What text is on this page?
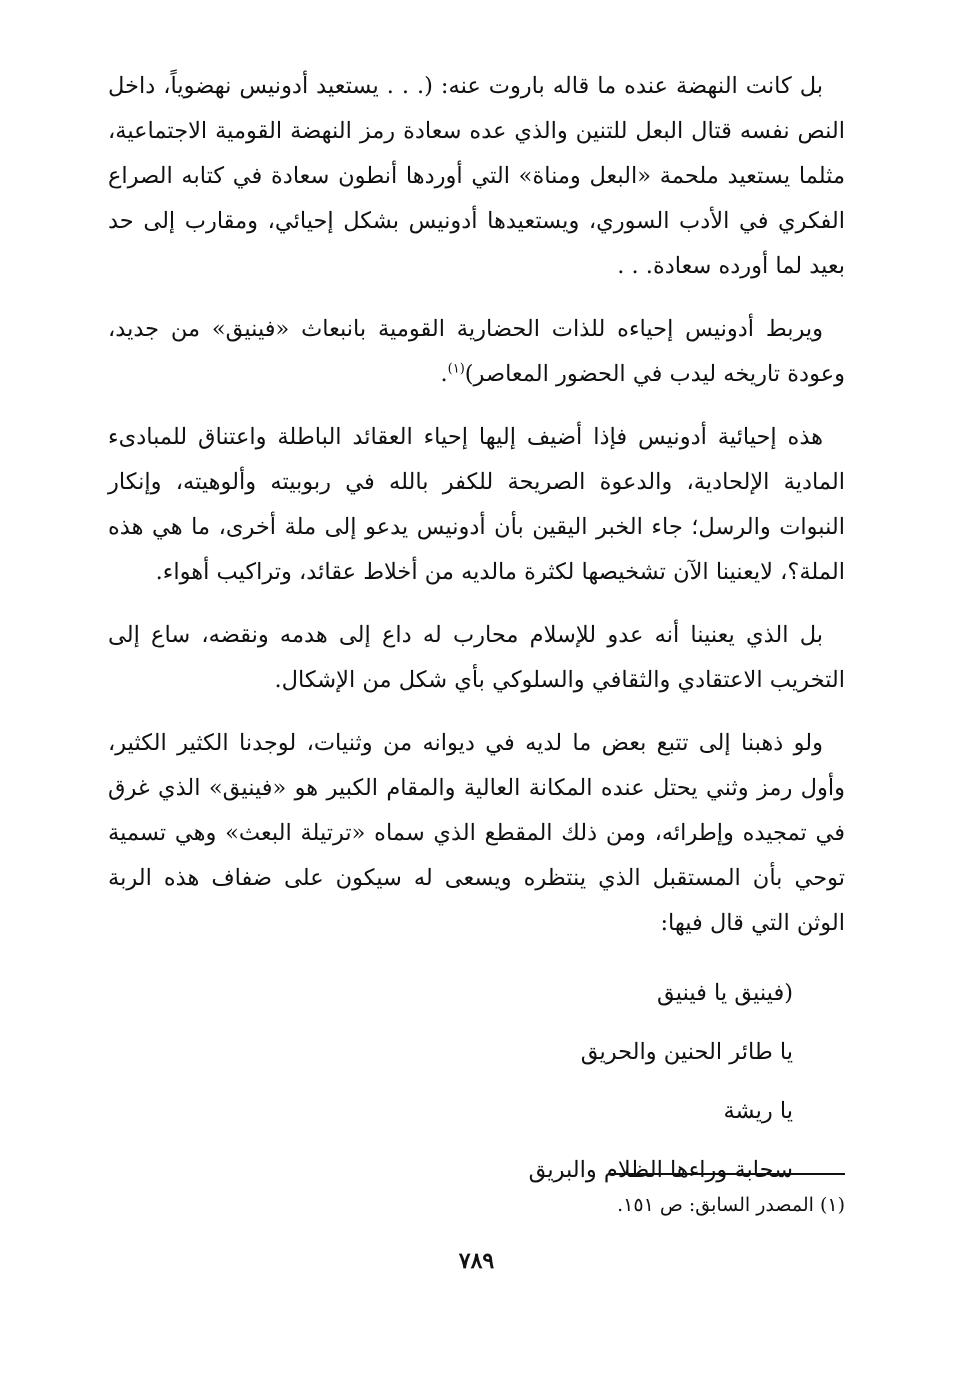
بل كانت النهضة عنده ما قاله باروت عنه: (. . . يستعيد أدونيس نهضوياً، داخل النص نفسه قتال البعل للتنين والذي عده سعادة رمز النهضة القومية الاجتماعية، مثلما يستعيد ملحمة «البعل ومناة» التي أوردها أنطون سعادة في كتابه الصراع الفكري في الأدب السوري، ويستعيدها أدونيس بشكل إحيائي، ومقارب إلى حد بعيد لما أورده سعادة. . .

ويربط أدونيس إحياءه للذات الحضارية القومية بانبعاث «فينيق» من جديد، وعودة تاريخه ليدب في الحضور المعاصر)$^{(١)}$.

هذه إحيائية أدونيس فإذا أضيف إليها إحياء العقائد الباطلة واعتناق للمبادىء المادية الإلحادية، والدعوة الصريحة للكفر بالله في ربوبيته وألوهيته، وإنكار النبوات والرسل؛ جاء الخبر اليقين بأن أدونيس يدعو إلى ملة أخرى، ما هي هذه الملة؟، لايعنينا الآن تشخيصها لكثرة مالديه من أخلاط عقائد، وتراكيب أهواء.

بل الذي يعنينا أنه عدو للإسلام محارب له داع إلى هدمه ونقضه، ساع إلى التخريب الاعتقادي والثقافي والسلوكي بأي شكل من الإشكال.

ولو ذهبنا إلى تتبع بعض ما لديه في ديوانه من وثنيات، لوجدنا الكثير الكثير، وأول رمز وثني يحتل عنده المكانة العالية والمقام الكبير هو «فينيق» الذي غرق في تمجيده وإطرائه، ومن ذلك المقطع الذي سماه «ترتيلة البعث» وهي تسمية توحي بأن المستقبل الذي ينتظره ويسعى له سيكون على ضفاف هذه الربة الوثن التي قال فيها:

(فينيق يا فينيق
يا طائر الحنين والحريق
يا ريشة
سحابة وراءها الظلام والبريق
(١) المصدر السابق: ص ١٥١.
٧٨٩
